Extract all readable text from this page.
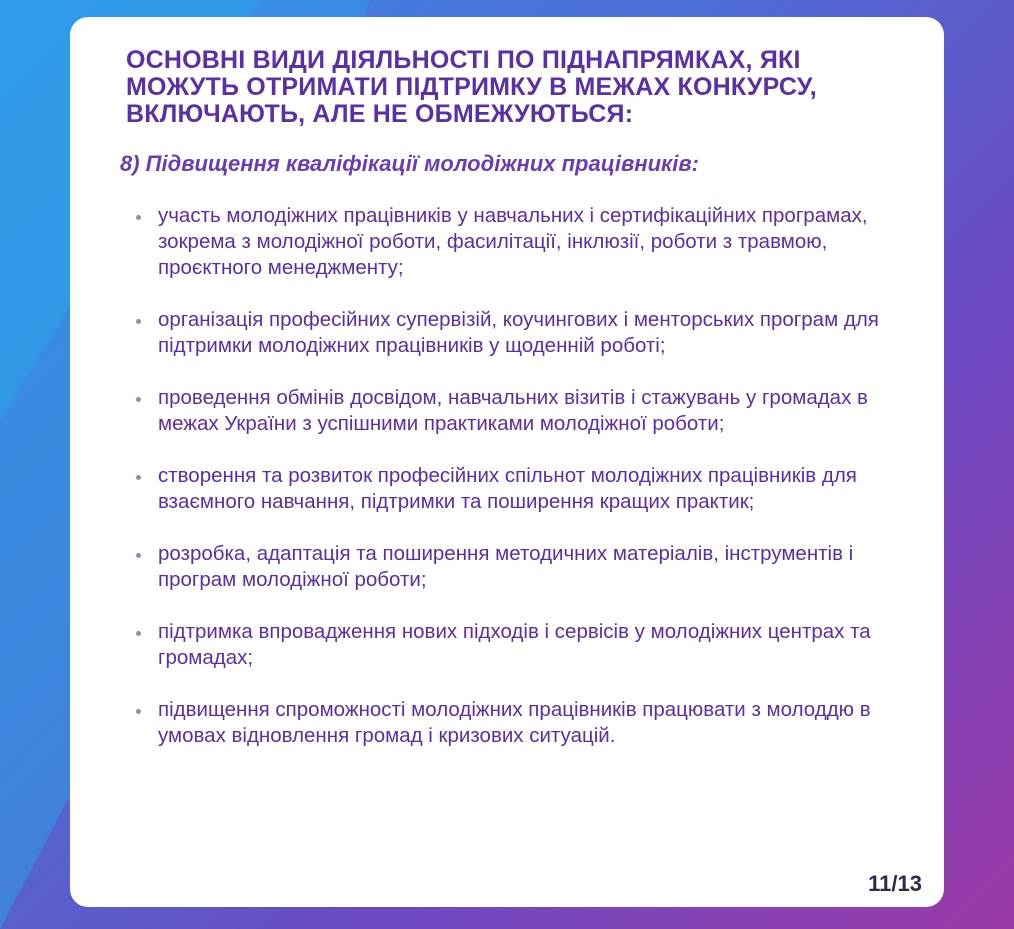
ОСНОВНІ ВИДИ ДІЯЛЬНОСТІ ПО ПІДНАПРЯМКАХ, ЯКІ МОЖУТЬ ОТРИМАТИ ПІДТРИМКУ В МЕЖАХ КОНКУРСУ, ВКЛЮЧАЮТЬ, АЛЕ НЕ ОБМЕЖУЮТЬСЯ:
8) Підвищення кваліфікації молодіжних працівників:
участь молодіжних працівників у навчальних і сертифікаційних програмах, зокрема з молодіжної роботи, фасилітації, інклюзії, роботи з травмою, проєктного менеджменту;
організація професійних супервізій, коучингових і менторських програм для підтримки молодіжних працівників у щоденній роботі;
проведення обмінів досвідом, навчальних візитів і стажувань у громадах в межах України з успішними практиками молодіжної роботи;
створення та розвиток професійних спільнот молодіжних працівників для взаємного навчання, підтримки та поширення кращих практик;
розробка, адаптація та поширення методичних матеріалів, інструментів і програм молодіжної роботи;
підтримка впровадження нових підходів і сервісів у молодіжних центрах та громадах;
підвищення спроможності молодіжних працівників працювати з молоддю в умовах відновлення громад і кризових ситуацій.
11/13
